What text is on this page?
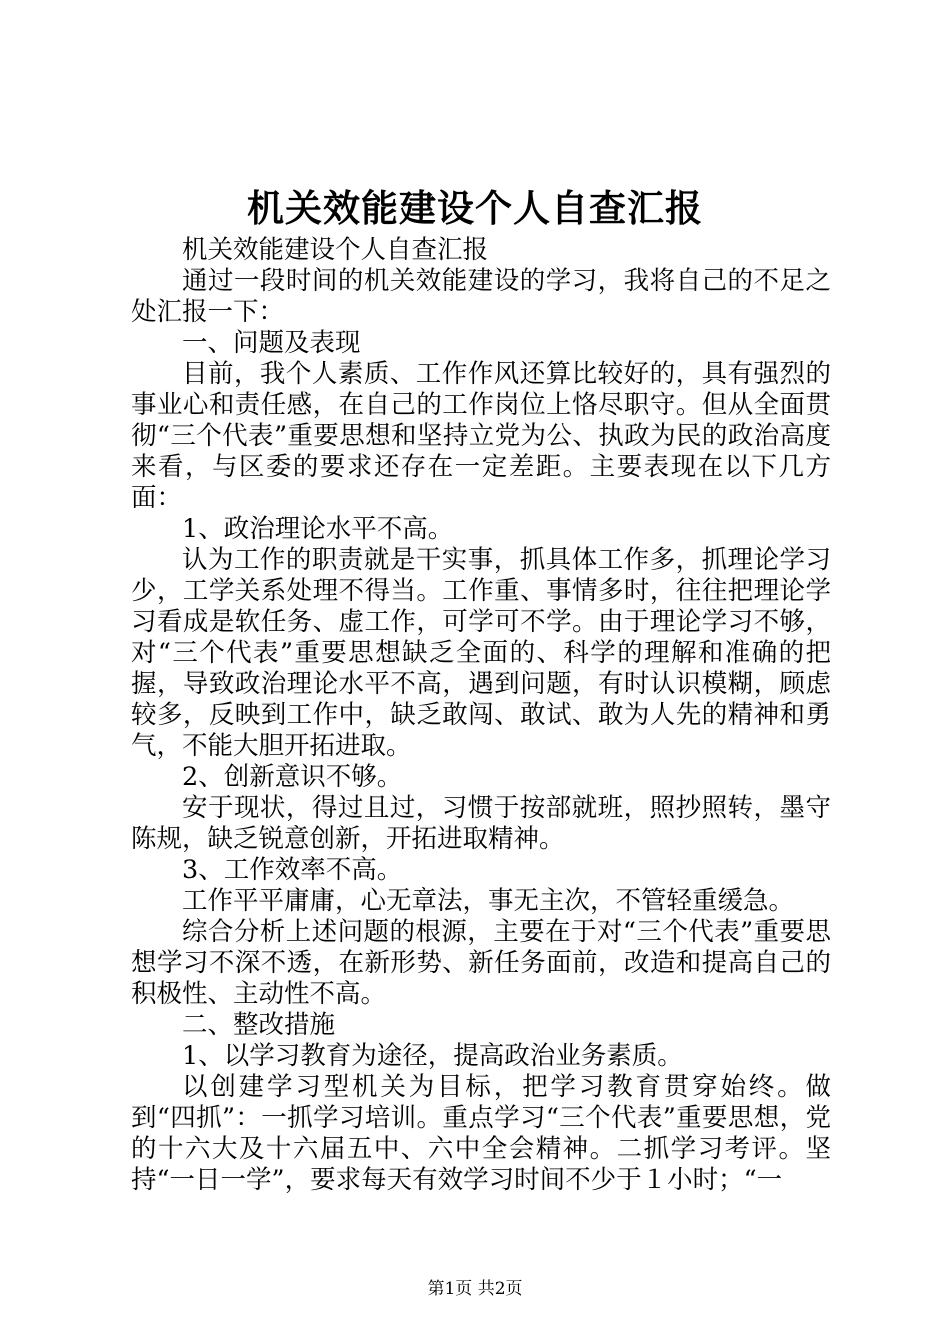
机关效能建设个人自查汇报

机关效能建设个人自查汇报

通过一段时间的机关效能建设的学习，我将自己的不足之处汇报一下：

一、问题及表现

目前，我个人素质、工作作风还算比较好的，具有强烈的事业心和责任感，在自己的工作岗位上恪尽职守。但从全面贯彻“三个代表”重要思想和坚持立党为公、执政为民的政治高度来看，与区委的要求还存在一定差距。主要表现在以下几方面：

1、政治理论水平不高。

认为工作的职责就是干实事，抓具体工作多，抓理论学习少，工学关系处理不得当。工作重、事情多时，往往把理论学习看成是软任务、虚工作，可学可不学。由于理论学习不够，对“三个代表”重要思想缺乏全面的、科学的理解和准确的把握，导致政治理论水平不高，遇到问题，有时认识模糊，顾虑较多，反映到工作中，缺乏敢闯、敢试、敢为人先的精神和勇气，不能大胆开拓进取。

2、创新意识不够。

安于现状，得过且过，习惯于按部就班，照抄照转，墨守陈规，缺乏锐意创新，开拓进取精神。

3、工作效率不高。

工作平平庸庸，心无章法，事无主次，不管轻重缓急。

综合分析上述问题的根源，主要在于对“三个代表”重要思想学习不深不透，在新形势、新任务面前，改造和提高自己的积极性、主动性不高。

二、整改措施

1、以学习教育为途径，提高政治业务素质。

以创建学习型机关为目标，把学习教育贯穿始终。做到“四抓”：一抓学习培训。重点学习“三个代表”重要思想，党的十六大及十六届五中、六中全会精神。二抓学习考评。坚持“一日一学”，要求每天有效学习时间不少于１小时；“一

第1页 共2页
